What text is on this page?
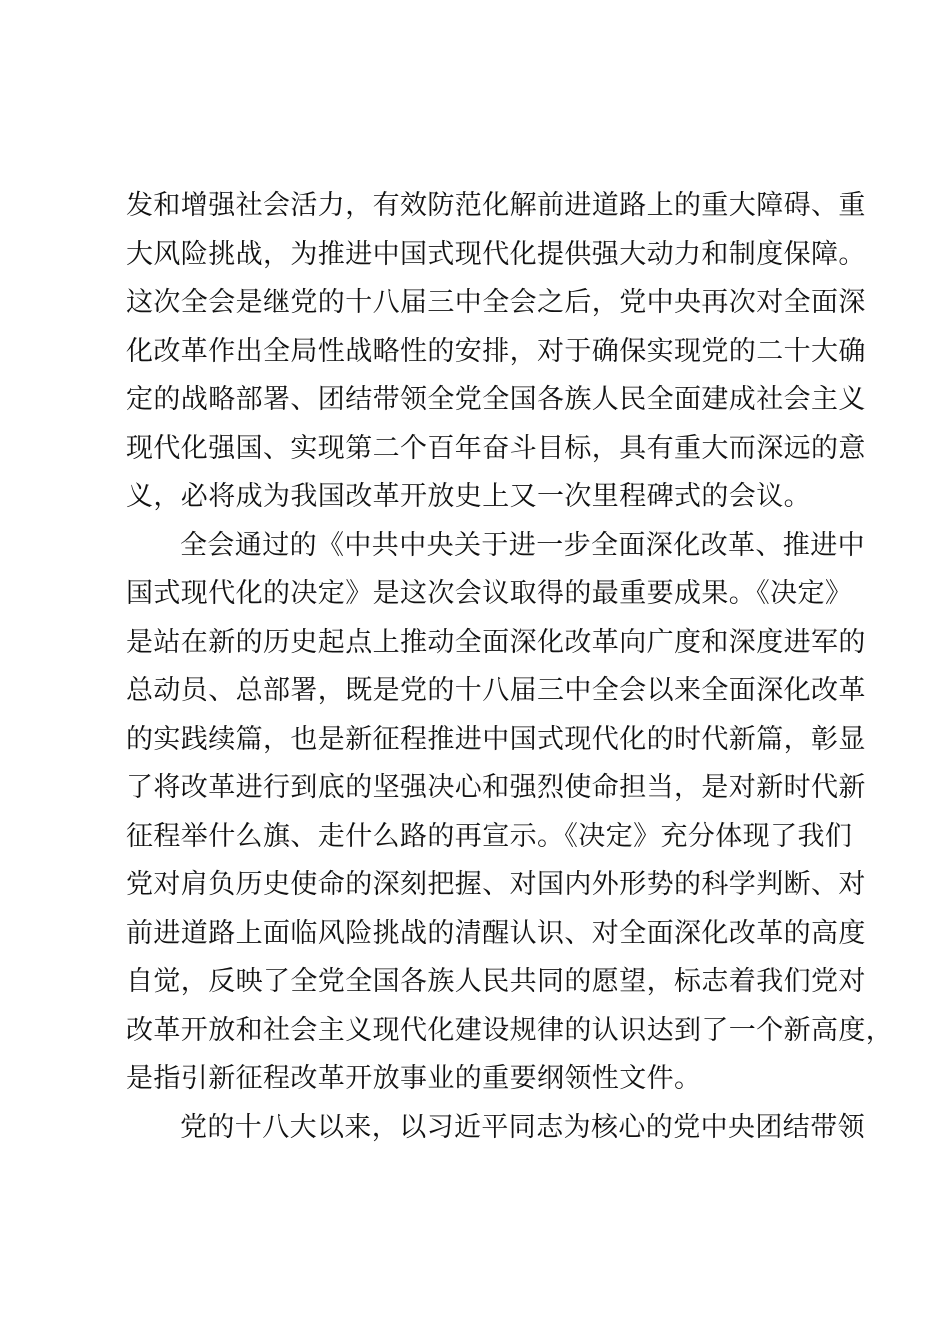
发和增强社会活力，有效防范化解前进道路上的重大障碍、重
大风险挑战，为推进中国式现代化提供强大动力和制度保障。
这次全会是继党的十八届三中全会之后，党中央再次对全面深
化改革作出全局性战略性的安排，对于确保实现党的二十大确
定的战略部署、团结带领全党全国各族人民全面建成社会主义
现代化强国、实现第二个百年奋斗目标，具有重大而深远的意
义，必将成为我国改革开放史上又一次里程碑式的会议。
全会通过的《中共中央关于进一步全面深化改革、推进中
国式现代化的决定》是这次会议取得的最重要成果。《决定》
是站在新的历史起点上推动全面深化改革向广度和深度进军的
总动员、总部署，既是党的十八届三中全会以来全面深化改革
的实践续篇，也是新征程推进中国式现代化的时代新篇，彰显
了将改革进行到底的坚强决心和强烈使命担当，是对新时代新
征程举什么旗、走什么路的再宣示。《决定》充分体现了我们
党对肩负历史使命的深刻把握、对国内外形势的科学判断、对
前进道路上面临风险挑战的清醒认识、对全面深化改革的高度
自觉，反映了全党全国各族人民共同的愿望，标志着我们党对
改革开放和社会主义现代化建设规律的认识达到了一个新高度，
是指引新征程改革开放事业的重要纲领性文件。
党的十八大以来，以习近平同志为核心的党中央团结带领
